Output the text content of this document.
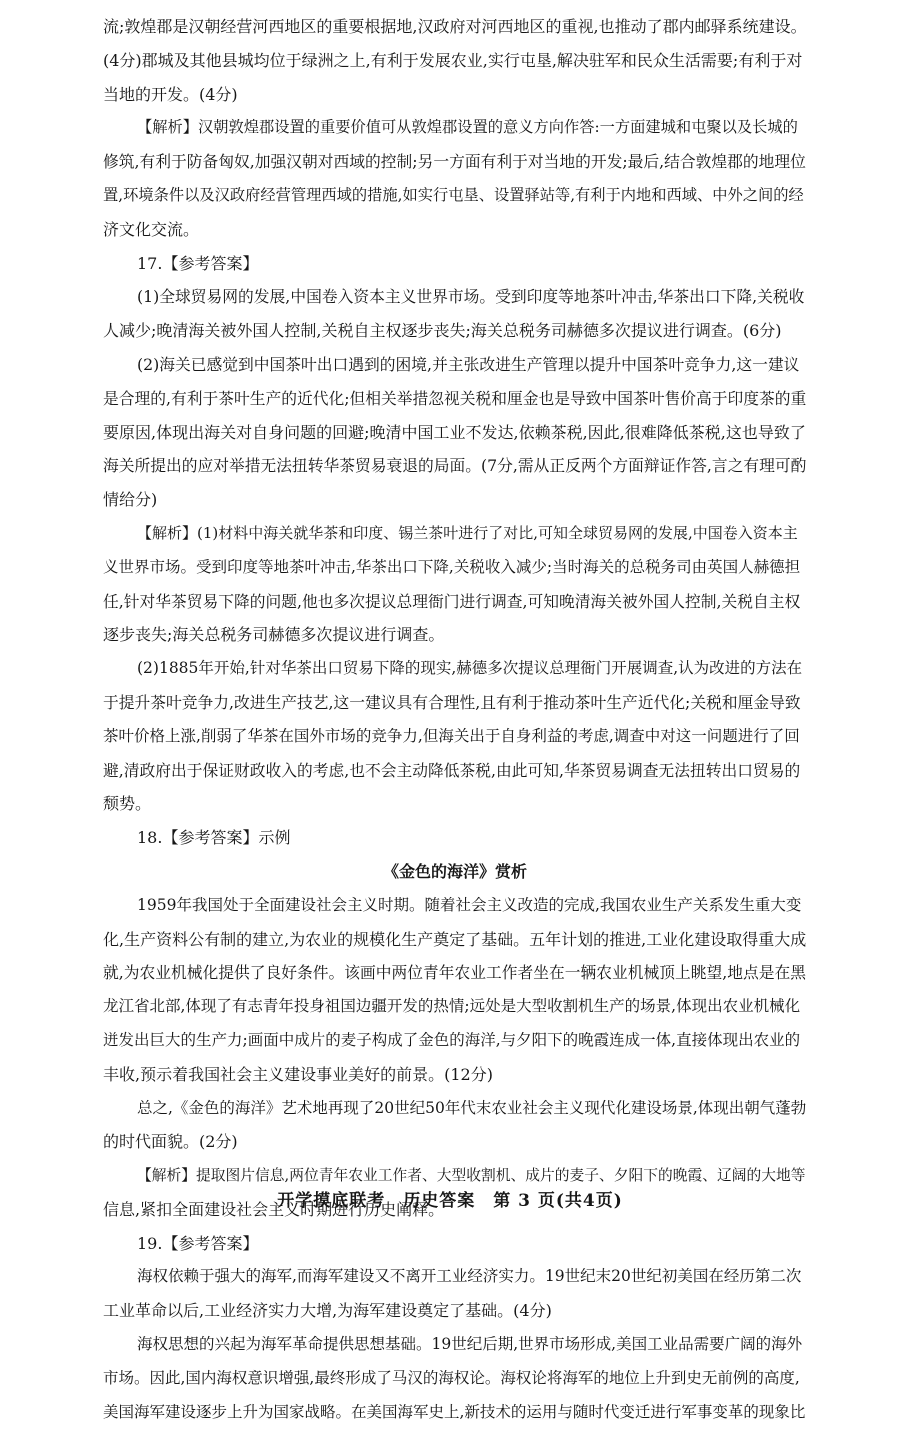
流;敦煌郡是汉朝经营河西地区的重要根据地,汉政府对河西地区的重视,也推动了郡内邮驿系统建设。
(4分)郡城及其他县城均位于绿洲之上,有利于发展农业,实行屯垦,解决驻军和民众生活需要;有利于对
当地的开发。(4分)
【解析】汉朝敦煌郡设置的重要价值可从敦煌郡设置的意义方向作答:一方面建城和屯聚以及长城的
修筑,有利于防备匈奴,加强汉朝对西域的控制;另一方面有利于对当地的开发;最后,结合敦煌郡的地理位
置,环境条件以及汉政府经营管理西域的措施,如实行屯垦、设置驿站等,有利于内地和西域、中外之间的经
济文化交流。
17.【参考答案】
(1)全球贸易网的发展,中国卷入资本主义世界市场。受到印度等地茶叶冲击,华茶出口下降,关税收
人减少;晚清海关被外国人控制,关税自主权逐步丧失;海关总税务司赫德多次提议进行调查。(6分)
(2)海关已感觉到中国茶叶出口遇到的困境,并主张改进生产管理以提升中国茶叶竞争力,这一建议
是合理的,有利于茶叶生产的近代化;但相关举措忽视关税和厘金也是导致中国茶叶售价高于印度茶的重
要原因,体现出海关对自身问题的回避;晚清中国工业不发达,依赖茶税,因此,很难降低茶税,这也导致了
海关所提出的应对举措无法扭转华茶贸易衰退的局面。(7分,需从正反两个方面辩证作答,言之有理可酌
情给分)
【解析】(1)材料中海关就华茶和印度、锡兰茶叶进行了对比,可知全球贸易网的发展,中国卷入资本主
义世界市场。受到印度等地茶叶冲击,华茶出口下降,关税收入减少;当时海关的总税务司由英国人赫德担
任,针对华茶贸易下降的问题,他也多次提议总理衙门进行调查,可知晚清海关被外国人控制,关税自主权
逐步丧失;海关总税务司赫德多次提议进行调查。
(2)1885年开始,针对华茶出口贸易下降的现实,赫德多次提议总理衙门开展调查,认为改进的方法在
于提升茶叶竞争力,改进生产技艺,这一建议具有合理性,且有利于推动茶叶生产近代化;关税和厘金导致
茶叶价格上涨,削弱了华茶在国外市场的竞争力,但海关出于自身利益的考虑,调查中对这一问题进行了回
避,清政府出于保证财政收入的考虑,也不会主动降低茶税,由此可知,华茶贸易调查无法扭转出口贸易的
颓势。
18.【参考答案】示例
《金色的海洋》赏析
1959年我国处于全面建设社会主义时期。随着社会主义改造的完成,我国农业生产关系发生重大变
化,生产资料公有制的建立,为农业的规模化生产奠定了基础。五年计划的推进,工业化建设取得重大成
就,为农业机械化提供了良好条件。该画中两位青年农业工作者坐在一辆农业机械顶上眺望,地点是在黑
龙江省北部,体现了有志青年投身祖国边疆开发的热情;远处是大型收割机生产的场景,体现出农业机械化
迸发出巨大的生产力;画面中成片的麦子构成了金色的海洋,与夕阳下的晚霞连成一体,直接体现出农业的
丰收,预示着我国社会主义建设事业美好的前景。(12分)
总之,《金色的海洋》艺术地再现了20世纪50年代末农业社会主义现代化建设场景,体现出朝气蓬勃
的时代面貌。(2分)
【解析】提取图片信息,两位青年农业工作者、大型收割机、成片的麦子、夕阳下的晚霞、辽阔的大地等
信息,紧扣全面建设社会主义时期进行历史阐释。
19.【参考答案】
海权依赖于强大的海军,而海军建设又不离开工业经济实力。19世纪末20世纪初美国在经历第二次
工业革命以后,工业经济实力大增,为海军建设奠定了基础。(4分)
海权思想的兴起为海军革命提供思想基础。19世纪后期,世界市场形成,美国工业品需要广阔的海外
市场。因此,国内海权意识增强,最终形成了马汉的海权论。海权论将海军的地位上升到史无前例的高度,
美国海军建设逐步上升为国家战略。在美国海军史上,新技术的运用与随时代变迁进行军事变革的现象比
开学摸底联考　历史答案　第 3 页(共4页)
